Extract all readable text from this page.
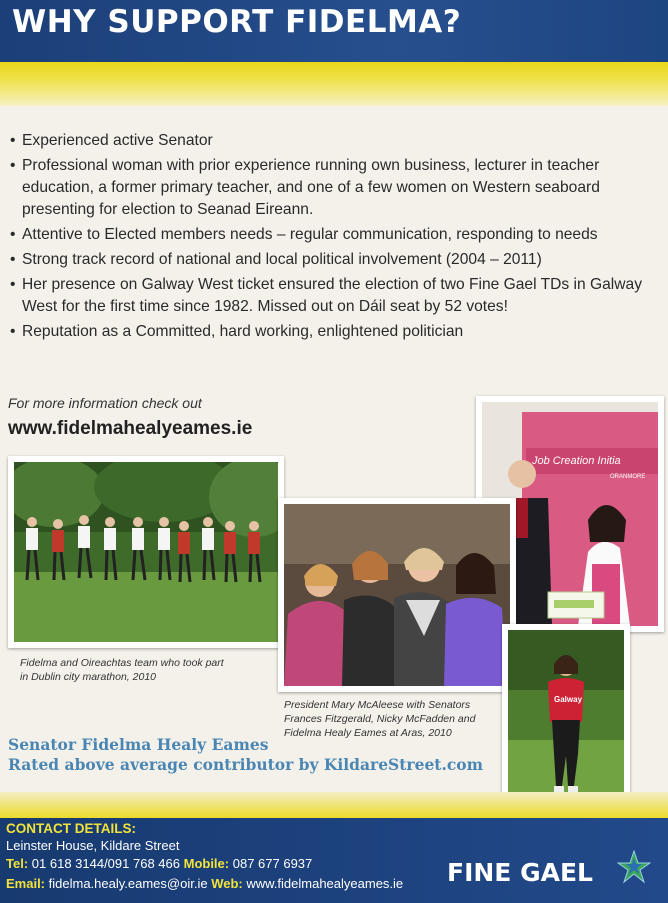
WHY SUPPORT FIDELMA?
• Experienced active Senator
• Professional woman with prior experience running own business, lecturer in teacher education, a former primary teacher, and one of a few women on Western seaboard presenting for election to Seanad Eireann.
• Attentive to Elected members needs – regular communication, responding to needs
• Strong track record of national and local political involvement (2004 – 2011)
• Her presence on Galway West ticket ensured the election of two Fine Gael TDs in Galway West for the first time since 1982. Missed out on Dáil seat by 52 votes!
• Reputation as a Committed, hard working, enlightened politician
For more information check out
www.fidelmahealyeames.ie
Fidelma and Oireachtas team who took part
in Dublin city marathon, 2010
Job Creation Initia
ORANMORE
President Mary McAleese with Senators
Frances Fitzgerald, Nicky McFadden and
Fidelma Healy Eames at Aras, 2010
Galway
Senator Fidelma Healy Eames
Rated above average contributor by KildareStreet.com
CONTACT DETAILS:
Leinster House, Kildare Street
Tel: 01 618 3144/091 768 466 Mobile: 087 677 6937
Email: fidelma.healy.eames@oir.ie Web: www.fidelmahealyeames.ie FINE GAEL
